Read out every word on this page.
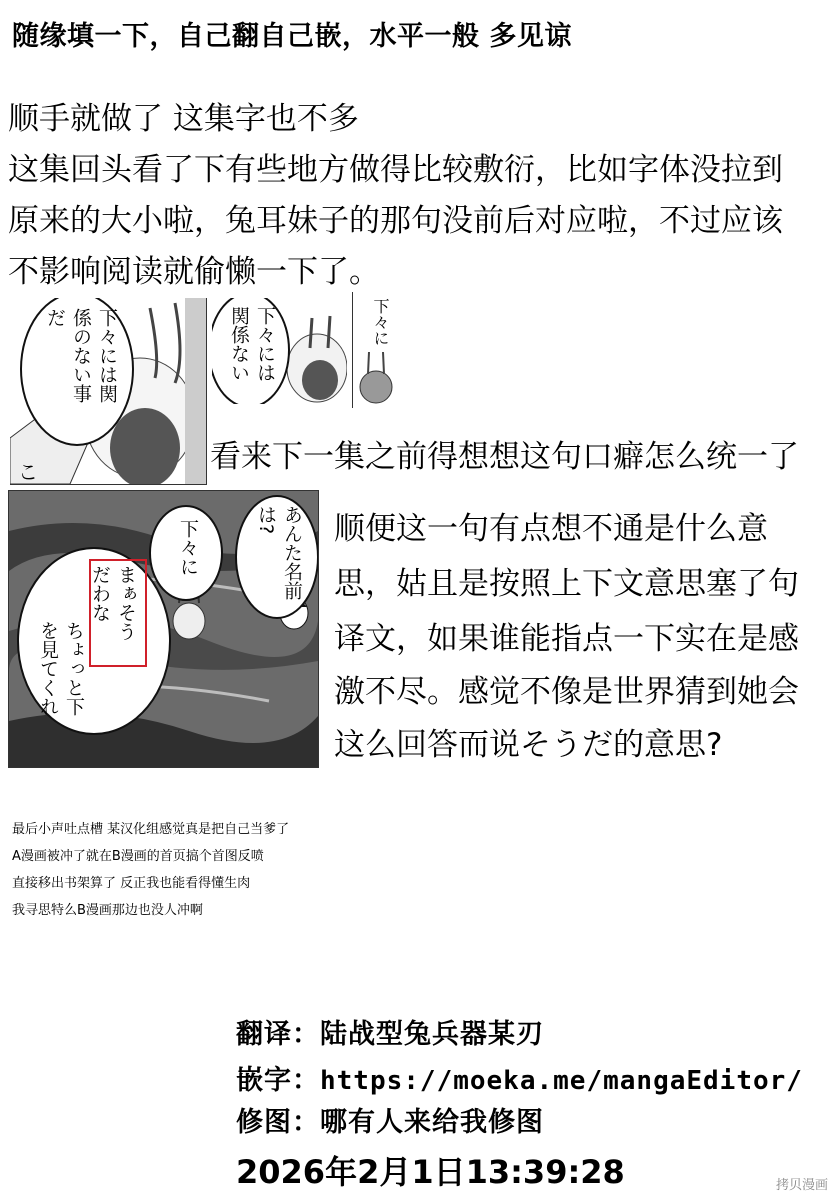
随缘填一下，自己翻自己嵌，水平一般 多见谅
顺手就做了 这集字也不多
这集回头看了下有些地方做得比较敷衍，比如字体没拉到
原来的大小啦，兔耳妹子的那句没前后对应啦，不过应该
不影响阅读就偷懒一下了。
下々には関係のない事だ
こ
下々には関係ない	下々に
看来下一集之前得想想这句口癖怎么统一了
あんた名前は?
下々に
まぁそうだわな
ちょっと下を見てくれ
顺便这一句有点想不通是什么意
思，姑且是按照上下文意思塞了句
译文，如果谁能指点一下实在是感
激不尽。感觉不像是世界猜到她会
这么回答而说そうだ的意思?
最后小声吐点槽 某汉化组感觉真是把自己当爹了
A漫画被冲了就在B漫画的首页搞个首图反喷
直接移出书架算了 反正我也能看得懂生肉
我寻思特么B漫画那边也没人冲啊
翻译：陆战型兔兵器某刃
嵌字：https://moeka.me/mangaEditor/
修图：哪有人来给我修图
2026年2月1日13:39:28	拷贝漫画
